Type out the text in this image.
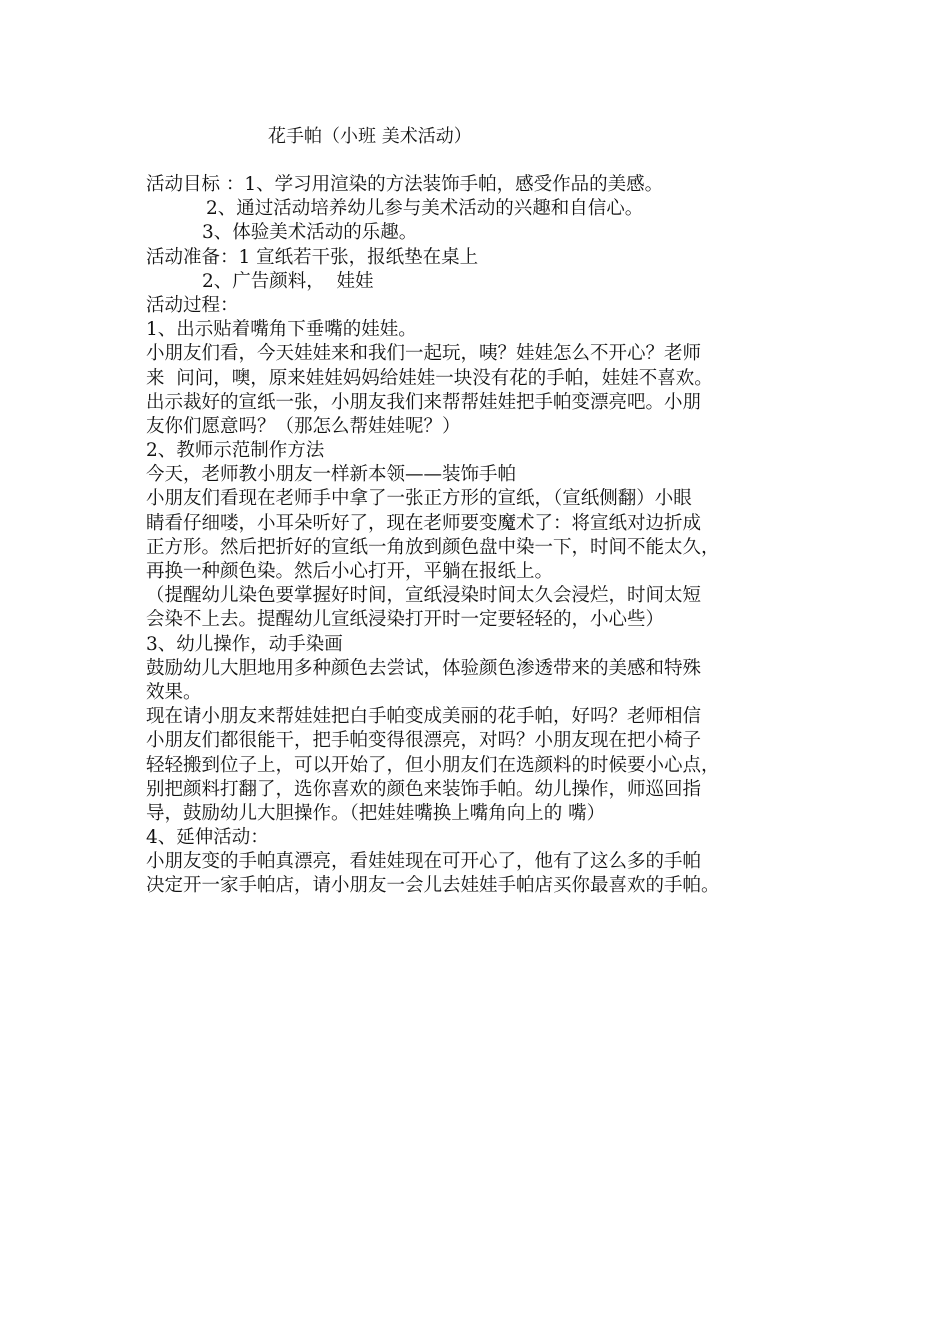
花手帕（小班 美术活动）
活动目标 ：1、学习用渲染的方法装饰手帕，感受作品的美感。
2、通过活动培养幼儿参与美术活动的兴趣和自信心。
3、体验美术活动的乐趣。
活动准备：1 宣纸若干张，报纸垫在桌上
2、广告颜料，  娃娃
活动过程：
1、出示贴着嘴角下垂嘴的娃娃。
小朋友们看，今天娃娃来和我们一起玩，咦？娃娃怎么不开心？老师
来  问问，噢，原来娃娃妈妈给娃娃一块没有花的手帕，娃娃不喜欢。
出示裁好的宣纸一张，小朋友我们来帮帮娃娃把手帕变漂亮吧。小朋
友你们愿意吗？（那怎么帮娃娃呢？）
2、教师示范制作方法
今天，老师教小朋友一样新本领——装饰手帕
小朋友们看现在老师手中拿了一张正方形的宣纸，（宣纸侧翻）小眼
睛看仔细喽，小耳朵听好了，现在老师要变魔术了：将宣纸对边折成
正方形。然后把折好的宣纸一角放到颜色盘中染一下，时间不能太久，
再换一种颜色染。然后小心打开，平躺在报纸上。
（提醒幼儿染色要掌握好时间，宣纸浸染时间太久会浸烂，时间太短
会染不上去。提醒幼儿宣纸浸染打开时一定要轻轻的，小心些）
3、幼儿操作，动手染画
鼓励幼儿大胆地用多种颜色去尝试，体验颜色渗透带来的美感和特殊
效果。
现在请小朋友来帮娃娃把白手帕变成美丽的花手帕，好吗？老师相信
小朋友们都很能干，把手帕变得很漂亮，对吗？小朋友现在把小椅子
轻轻搬到位子上，可以开始了，但小朋友们在选颜料的时候要小心点，
别把颜料打翻了，选你喜欢的颜色来装饰手帕。幼儿操作，师巡回指
导，鼓励幼儿大胆操作。（把娃娃嘴换上嘴角向上的 嘴）
4、延伸活动：
小朋友变的手帕真漂亮，看娃娃现在可开心了，他有了这么多的手帕
决定开一家手帕店，请小朋友一会儿去娃娃手帕店买你最喜欢的手帕。
